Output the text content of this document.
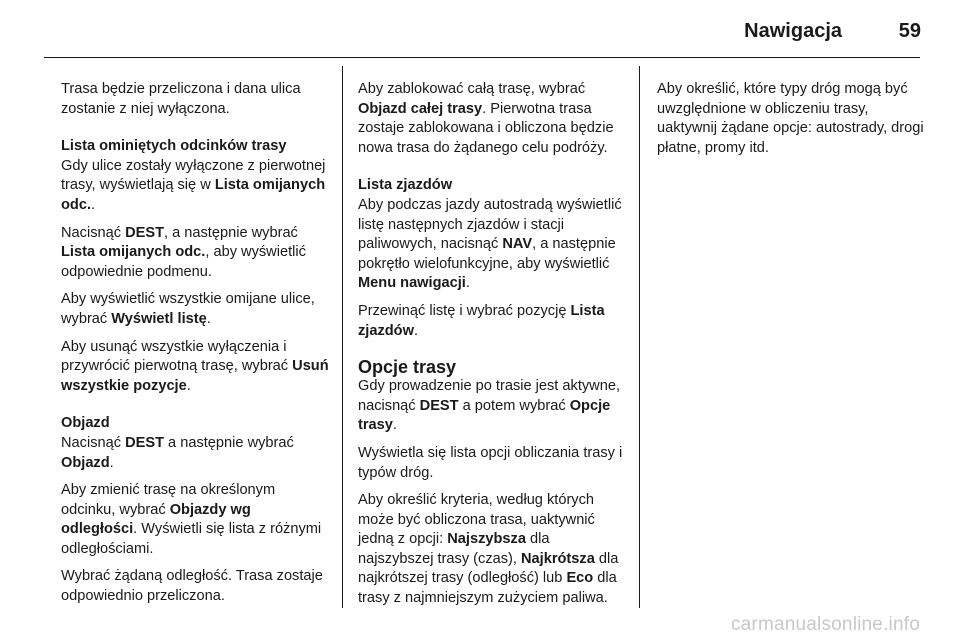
Nawigacja	59

Trasa będzie przeliczona i dana ulica zostanie z niej wyłączona.

Lista ominiętych odcinków trasy

Gdy ulice zostały wyłączone z pierwotnej trasy, wyświetlają się w Lista omijanych odc..

Nacisnąć DEST, a następnie wybrać Lista omijanych odc., aby wyświetlić odpowiednie podmenu.

Aby wyświetlić wszystkie omijane ulice, wybrać Wyświetl listę.

Aby usunąć wszystkie wyłączenia i przywrócić pierwotną trasę, wybrać Usuń wszystkie pozycje.

Objazd

Nacisnąć DEST a następnie wybrać Objazd.

Aby zmienić trasę na określonym odcinku, wybrać Objazdy wg odległości. Wyświetli się lista z różnymi odległościami.

Wybrać żądaną odległość. Trasa zostaje odpowiednio przeliczona.

Aby zablokować całą trasę, wybrać Objazd całej trasy. Pierwotna trasa zostaje zablokowana i obliczona będzie nowa trasa do żądanego celu podróży.

Lista zjazdów

Aby podczas jazdy autostradą wyświetlić listę następnych zjazdów i stacji paliwowych, nacisnąć NAV, a następnie pokrętło wielofunkcyjne, aby wyświetlić Menu nawigacji.

Przewinąć listę i wybrać pozycję Lista zjazdów.

Opcje trasy

Gdy prowadzenie po trasie jest aktywne, nacisnąć DEST a potem wybrać Opcje trasy.

Wyświetla się lista opcji obliczania trasy i typów dróg.

Aby określić kryteria, według których może być obliczona trasa, uaktywnić jedną z opcji: Najszybsza dla najszybszej trasy (czas), Najkrótsza dla najkrótszej trasy (odległość) lub Eco dla trasy z najmniejszym zużyciem paliwa.

Aby określić, które typy dróg mogą być uwzględnione w obliczeniu trasy, uaktywnij żądane opcje: autostrady, drogi płatne, promy itd.

carmanualsonline.info
